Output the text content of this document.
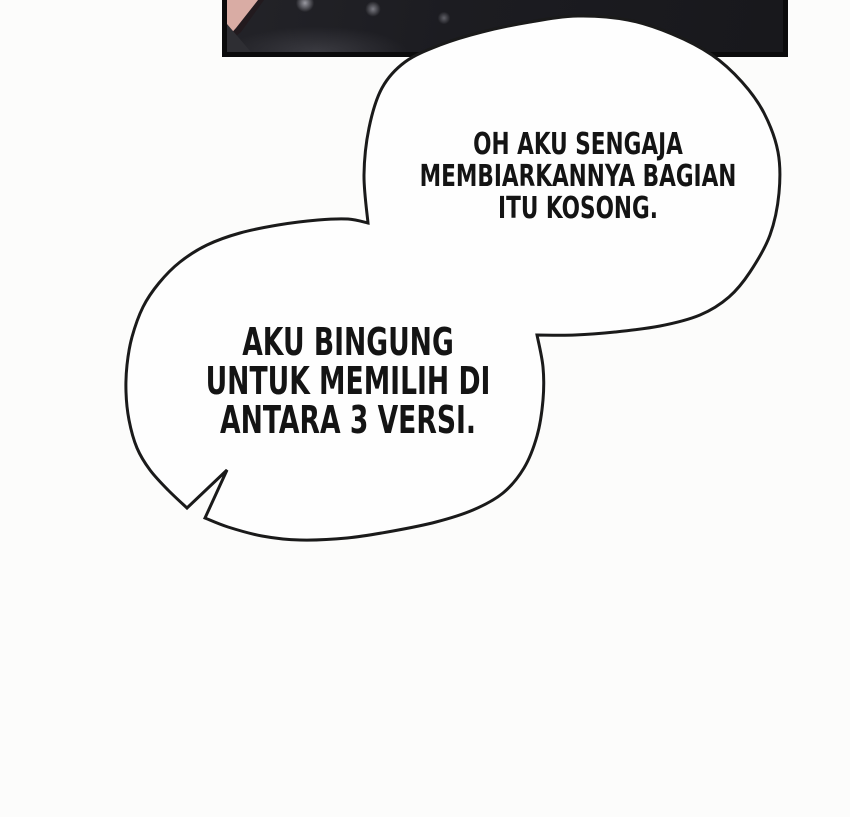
OH AKU SENGAJA
MEMBIARKANNYA BAGIAN
ITU KOSONG.
AKU BINGUNG
UNTUK MEMILIH DI
ANTARA 3 VERSI.
